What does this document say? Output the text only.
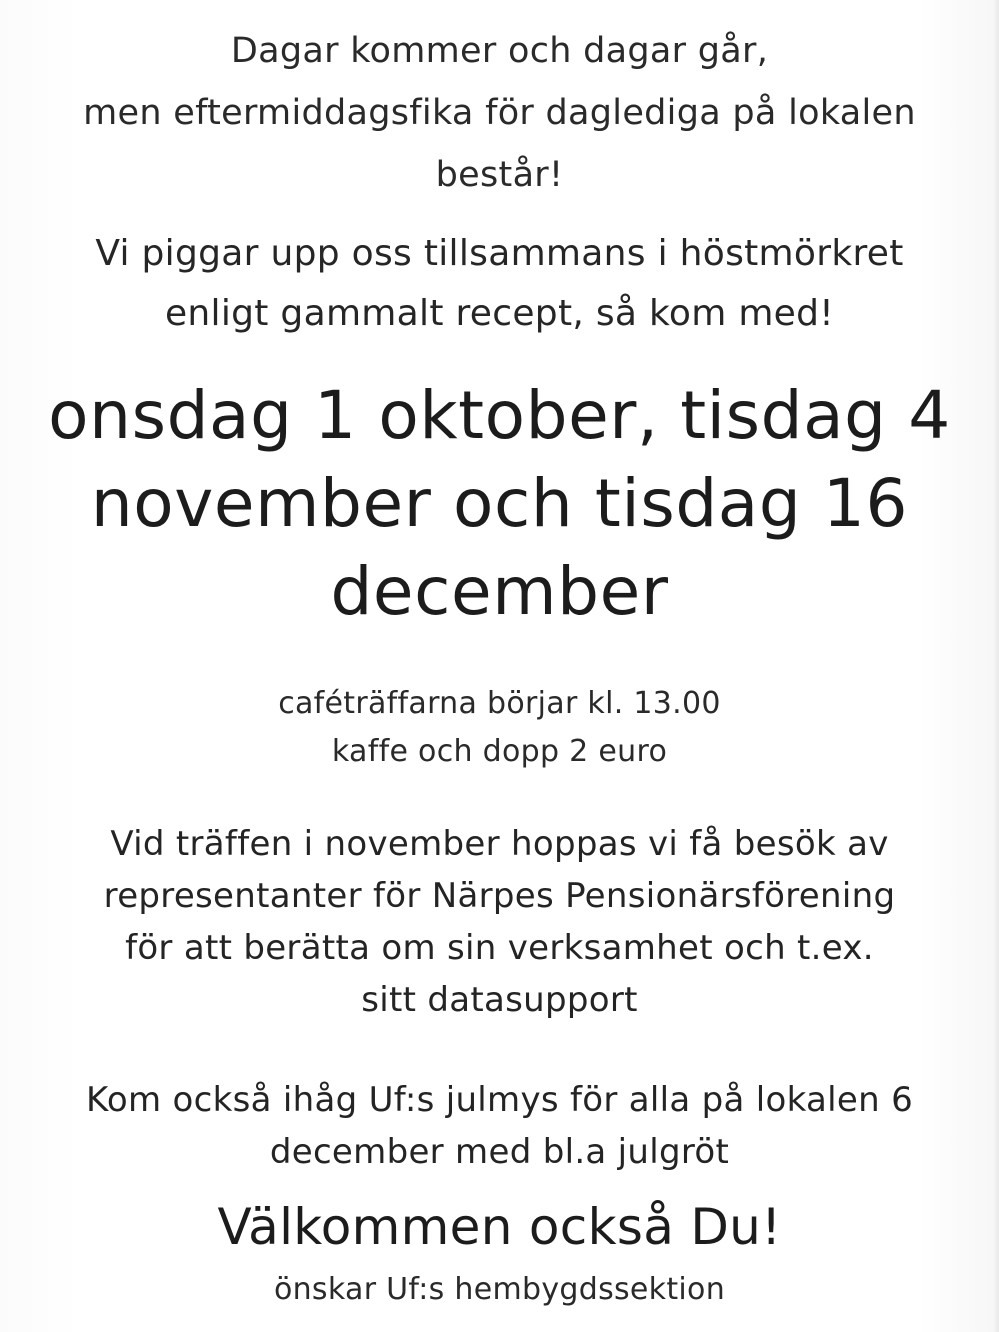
Dagar kommer och dagar går,
men eftermiddagsfika för daglediga på lokalen
består!
Vi piggar upp oss tillsammans i höstmörkret
enligt gammalt recept, så kom med!
onsdag 1 oktober, tisdag 4
november och tisdag 16
december
caféträffarna börjar kl. 13.00
kaffe och dopp 2 euro
Vid träffen i november hoppas vi få besök av
representanter för Närpes Pensionärsförening
för att berätta om sin verksamhet och t.ex.
sitt datasupport
Kom också ihåg Uf:s julmys för alla på lokalen 6
december med bl.a julgröt
Välkommen också Du!
önskar Uf:s hembygdssektion
